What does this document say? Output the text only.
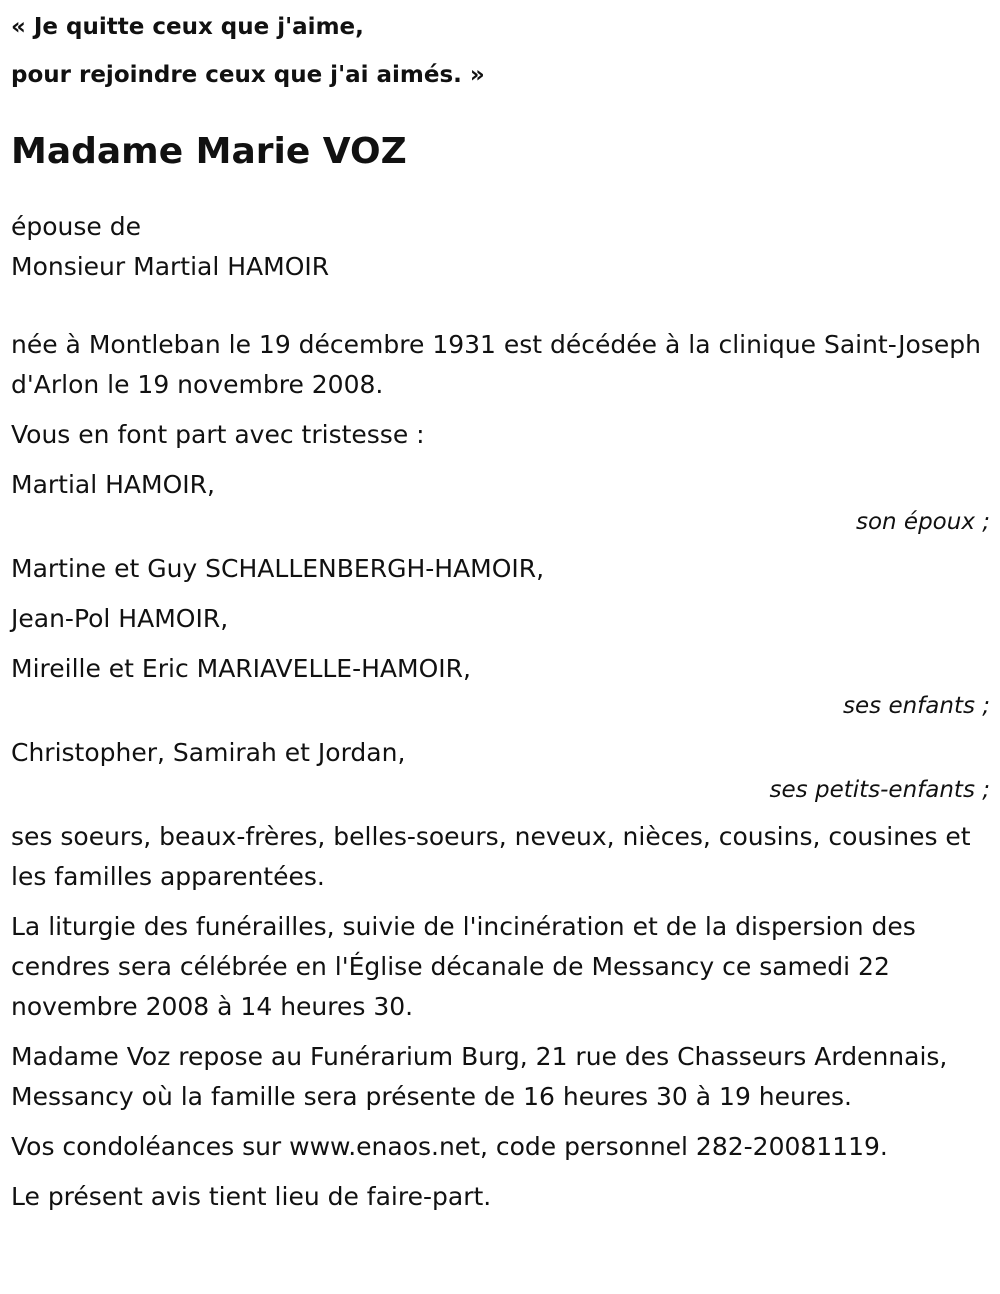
« Je quitte ceux que j'aime,

pour rejoindre ceux que j'ai aimés. »

Madame Marie VOZ

épouse de

Monsieur Martial HAMOIR

née à Montleban le 19 décembre 1931 est décédée à la clinique Saint-Joseph d'Arlon le 19 novembre 2008.

Vous en font part avec tristesse :

Martial HAMOIR,

son époux ;

Martine et Guy SCHALLENBERGH-HAMOIR,

Jean-Pol HAMOIR,

Mireille et Eric MARIAVELLE-HAMOIR,

ses enfants ;

Christopher, Samirah et Jordan,

ses petits-enfants ;

ses soeurs, beaux-frères, belles-soeurs, neveux, nièces, cousins, cousines et les familles apparentées.

La liturgie des funérailles, suivie de l'incinération et de la dispersion des cendres sera célébrée en l'Église décanale de Messancy ce samedi 22 novembre 2008 à 14 heures 30.

Madame Voz repose au Funérarium Burg, 21 rue des Chasseurs Ardennais, Messancy où la famille sera présente de 16 heures 30 à 19 heures.

Vos condoléances sur www.enaos.net, code personnel 282-20081119.

Le présent avis tient lieu de faire-part.
